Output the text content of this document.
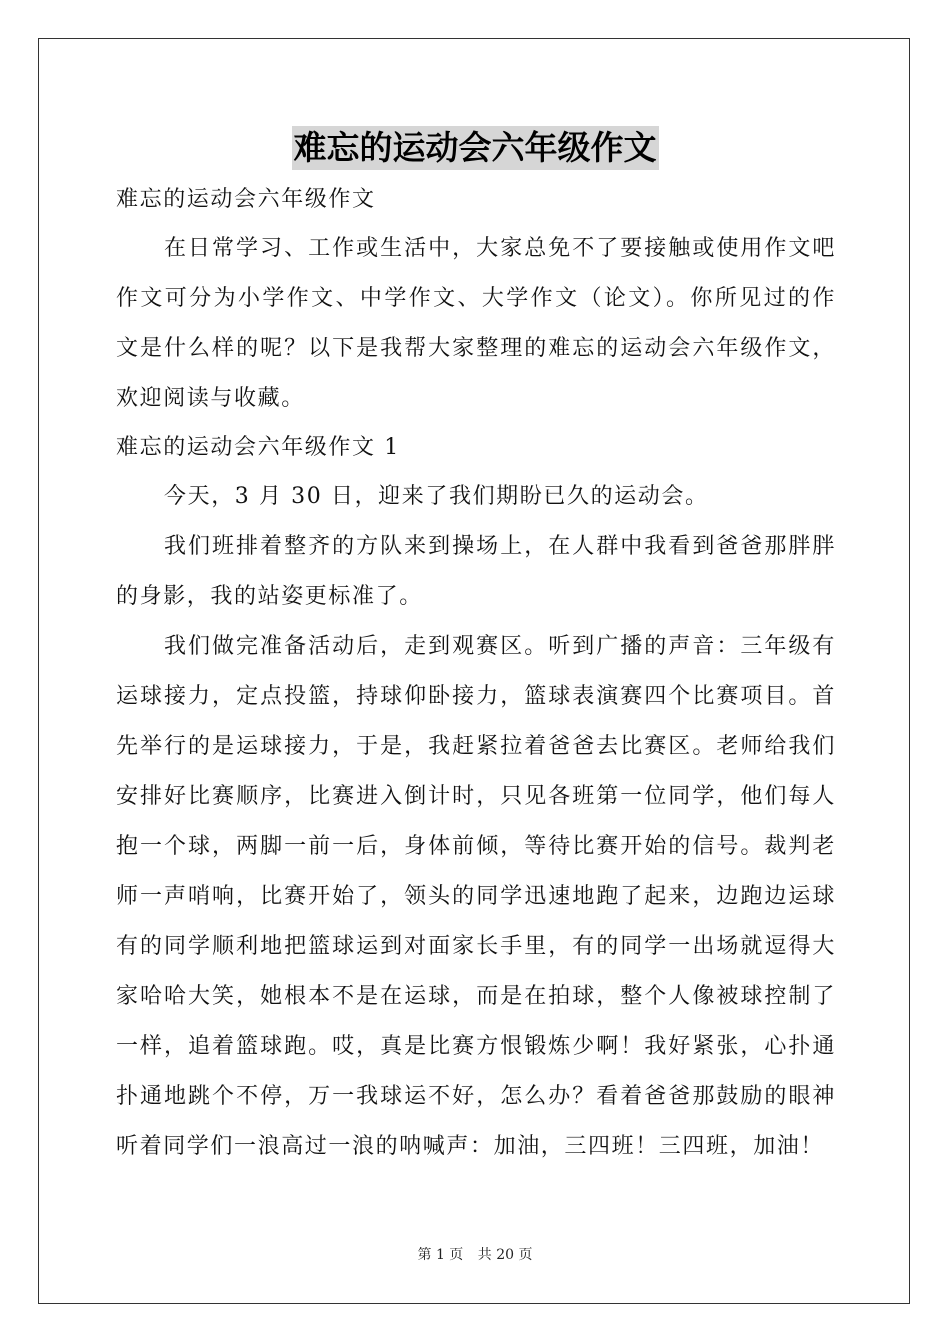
难忘的运动会六年级作文

难忘的运动会六年级作文

在日常学习、工作或生活中，大家总免不了要接触或使用作文吧作文可分为小学作文、中学作文、大学作文（论文）。你所见过的作文是什么样的呢？以下是我帮大家整理的难忘的运动会六年级作文，欢迎阅读与收藏。

难忘的运动会六年级作文 1

今天，3 月 30 日，迎来了我们期盼已久的运动会。

我们班排着整齐的方队来到操场上，在人群中我看到爸爸那胖胖的身影，我的站姿更标准了。

我们做完准备活动后，走到观赛区。听到广播的声音：三年级有运球接力，定点投篮，持球仰卧接力，篮球表演赛四个比赛项目。首先举行的是运球接力，于是，我赶紧拉着爸爸去比赛区。老师给我们安排好比赛顺序，比赛进入倒计时，只见各班第一位同学，他们每人抱一个球，两脚一前一后，身体前倾，等待比赛开始的信号。裁判老师一声哨响，比赛开始了，领头的同学迅速地跑了起来，边跑边运球有的同学顺利地把篮球运到对面家长手里，有的同学一出场就逗得大家哈哈大笑，她根本不是在运球，而是在拍球，整个人像被球控制了一样，追着篮球跑。哎，真是比赛方恨锻炼少啊！我好紧张，心扑通扑通地跳个不停，万一我球运不好，怎么办？看着爸爸那鼓励的眼神听着同学们一浪高过一浪的呐喊声：加油，三四班！三四班，加油！

第 1 页 共 20 页
